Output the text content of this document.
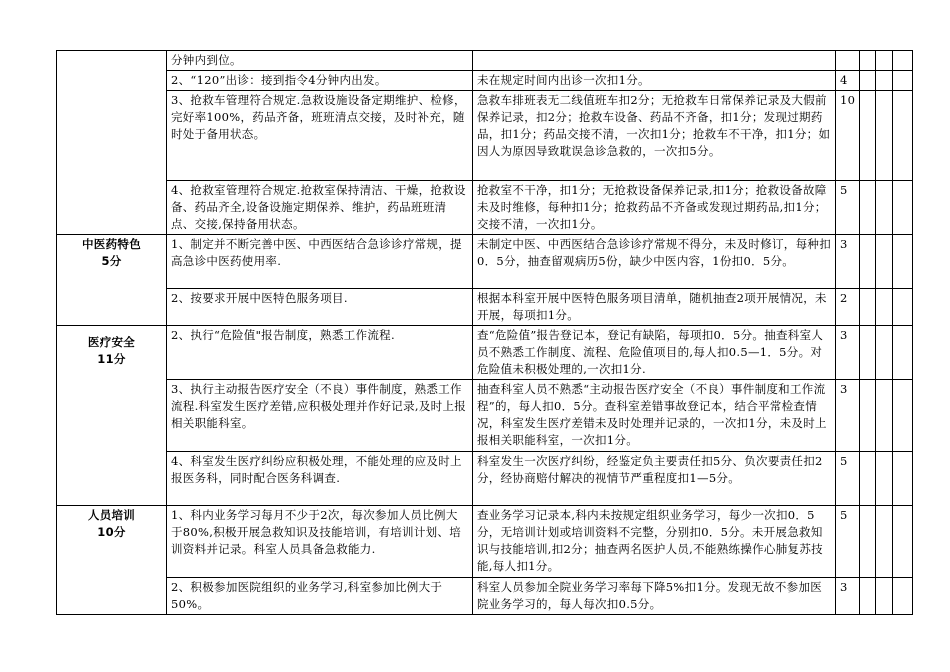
	分钟内到位。					
	2、“120”出诊：接到指令4分钟内出发。	未在规定时间内出诊一次扣1分。	4			
	3、抢救车管理符合规定.急救设施设备定期维护、检修，完好率100%，药品齐备，班班清点交接，及时补充，随时处于备用状态。	急救车排班表无二线值班车扣2分；无抢救车日常保养记录及大假前保养记录，扣2分；抢救车设备、药品不齐备，扣1分；发现过期药品，扣1分；药品交接不清，一次扣1分；抢救车不干净，扣1分；如因人为原因导致耽误急诊急救的，一次扣5分。	10			
	4、抢救室管理符合规定.抢救室保持清洁、干燥，抢救设备、药品齐全,设备设施定期保养、维护，药品班班清点、交接,保持备用状态。	抢救室不干净，扣1分；无抢救设备保养记录,扣1分；抢救设备故障未及时维修，每种扣1分；抢救药品不齐备或发现过期药品,扣1分；交接不清，一次扣1分。	5			

中医药特色
5分	1、制定并不断完善中医、中西医结合急诊诊疗常规，提高急诊中医药使用率.	未制定中医、中西医结合急诊诊疗常规不得分，未及时修订，每种扣0．5分，抽查留观病历5份，缺少中医内容，1份扣0．5分。	3			
	2、按要求开展中医特色服务项目.	根据本科室开展中医特色服务项目清单，随机抽查2项开展情况，未开展，每项扣1分。	2			

医疗安全
11分	2、执行“危险值"报告制度，熟悉工作流程.	查“危险值”报告登记本，登记有缺陷，每项扣0．5分。抽查科室人员不熟悉工作制度、流程、危险值项目的,每人扣0.5—1．5分。对危险值未积极处理的,一次扣1分.	3			
	3、执行主动报告医疗安全（不良）事件制度，熟悉工作流程.科室发生医疗差错,应积极处理并作好记录,及时上报相关职能科室。	抽查科室人员不熟悉“主动报告医疗安全（不良）事件制度和工作流程”的，每人扣0．5分。查科室差错事故登记本，结合平常检查情况，科室发生医疗差错未及时处理并记录的，一次扣1分，未及时上报相关职能科室，一次扣1分。	3			
	4、科室发生医疗纠纷应积极处理，不能处理的应及时上报医务科，同时配合医务科调查.	科室发生一次医疗纠纷，经鉴定负主要责任扣5分、负次要责任扣2分，经协商赔付解决的视情节严重程度扣1—5分。	5			

人员培训
10分	1、科内业务学习每月不少于2次，每次参加人员比例大于80%,积极开展急救知识及技能培训，有培训计划、培训资料并记录。科室人员具备急救能力.	查业务学习记录本,科内未按规定组织业务学习，每少一次扣0．5分，无培训计划或培训资料不完整，分别扣0．5分。未开展急救知识与技能培训,扣2分；抽查两名医护人员,不能熟练操作心肺复苏技能,每人扣1分。	5			
	2、积极参加医院组织的业务学习,科室参加比例大于50%。	科室人员参加全院业务学习率每下降5%扣1分。发现无故不参加医院业务学习的，每人每次扣0.5分。	3			
